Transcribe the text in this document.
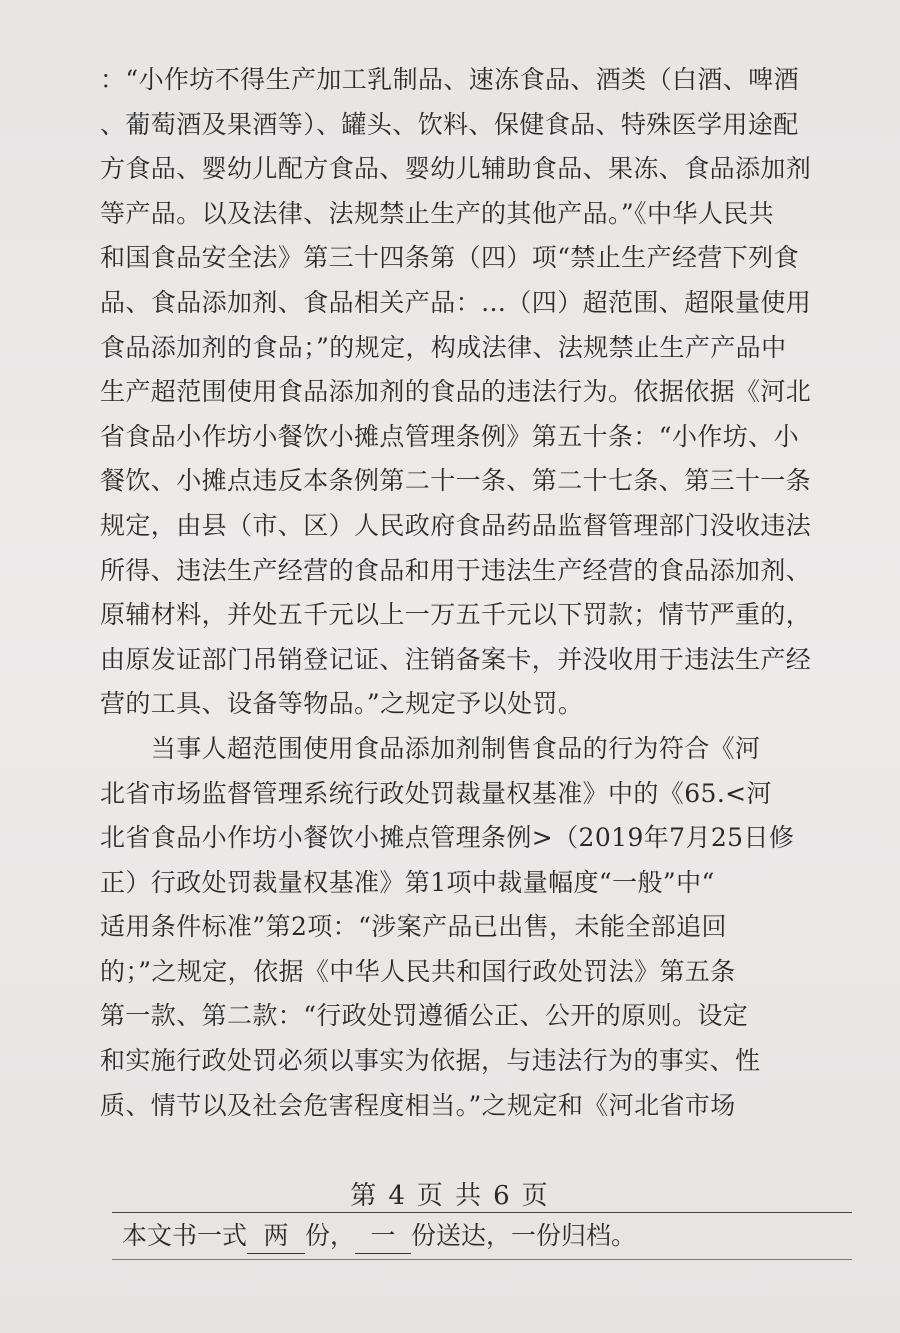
：“小作坊不得生产加工乳制品、速冻食品、酒类（白酒、啤酒
、葡萄酒及果酒等）、罐头、饮料、保健食品、特殊医学用途配
方食品、婴幼儿配方食品、婴幼儿辅助食品、果冻、食品添加剂
等产品。以及法律、法规禁止生产的其他产品。”《中华人民共
和国食品安全法》第三十四条第（四）项“禁止生产经营下列食
品、食品添加剂、食品相关产品：…（四）超范围、超限量使用
食品添加剂的食品；”的规定，构成法律、法规禁止生产产品中
生产超范围使用食品添加剂的食品的违法行为。依据依据《河北
省食品小作坊小餐饮小摊点管理条例》第五十条：“小作坊、小
餐饮、小摊点违反本条例第二十一条、第二十七条、第三十一条
规定，由县（市、区）人民政府食品药品监督管理部门没收违法
所得、违法生产经营的食品和用于违法生产经营的食品添加剂、
原辅材料，并处五千元以上一万五千元以下罚款；情节严重的，
由原发证部门吊销登记证、注销备案卡，并没收用于违法生产经
营的工具、设备等物品。”之规定予以处罚。
　　当事人超范围使用食品添加剂制售食品的行为符合《河
北省市场监督管理系统行政处罚裁量权基准》中的《65.<河
北省食品小作坊小餐饮小摊点管理条例>（2019年7月25日修
正）行政处罚裁量权基准》第1项中裁量幅度“一般”中“
适用条件标准”第2项：“涉案产品已出售，未能全部追回
的；”之规定，依据《中华人民共和国行政处罚法》第五条
第一款、第二款：“行政处罚遵循公正、公开的原则。设定
和实施行政处罚必须以事实为依据，与违法行为的事实、性
质、情节以及社会危害程度相当。”之规定和《河北省市场
第 4 页 共 6 页
本文书一式 两 份， 一 份送达，一份归档。
